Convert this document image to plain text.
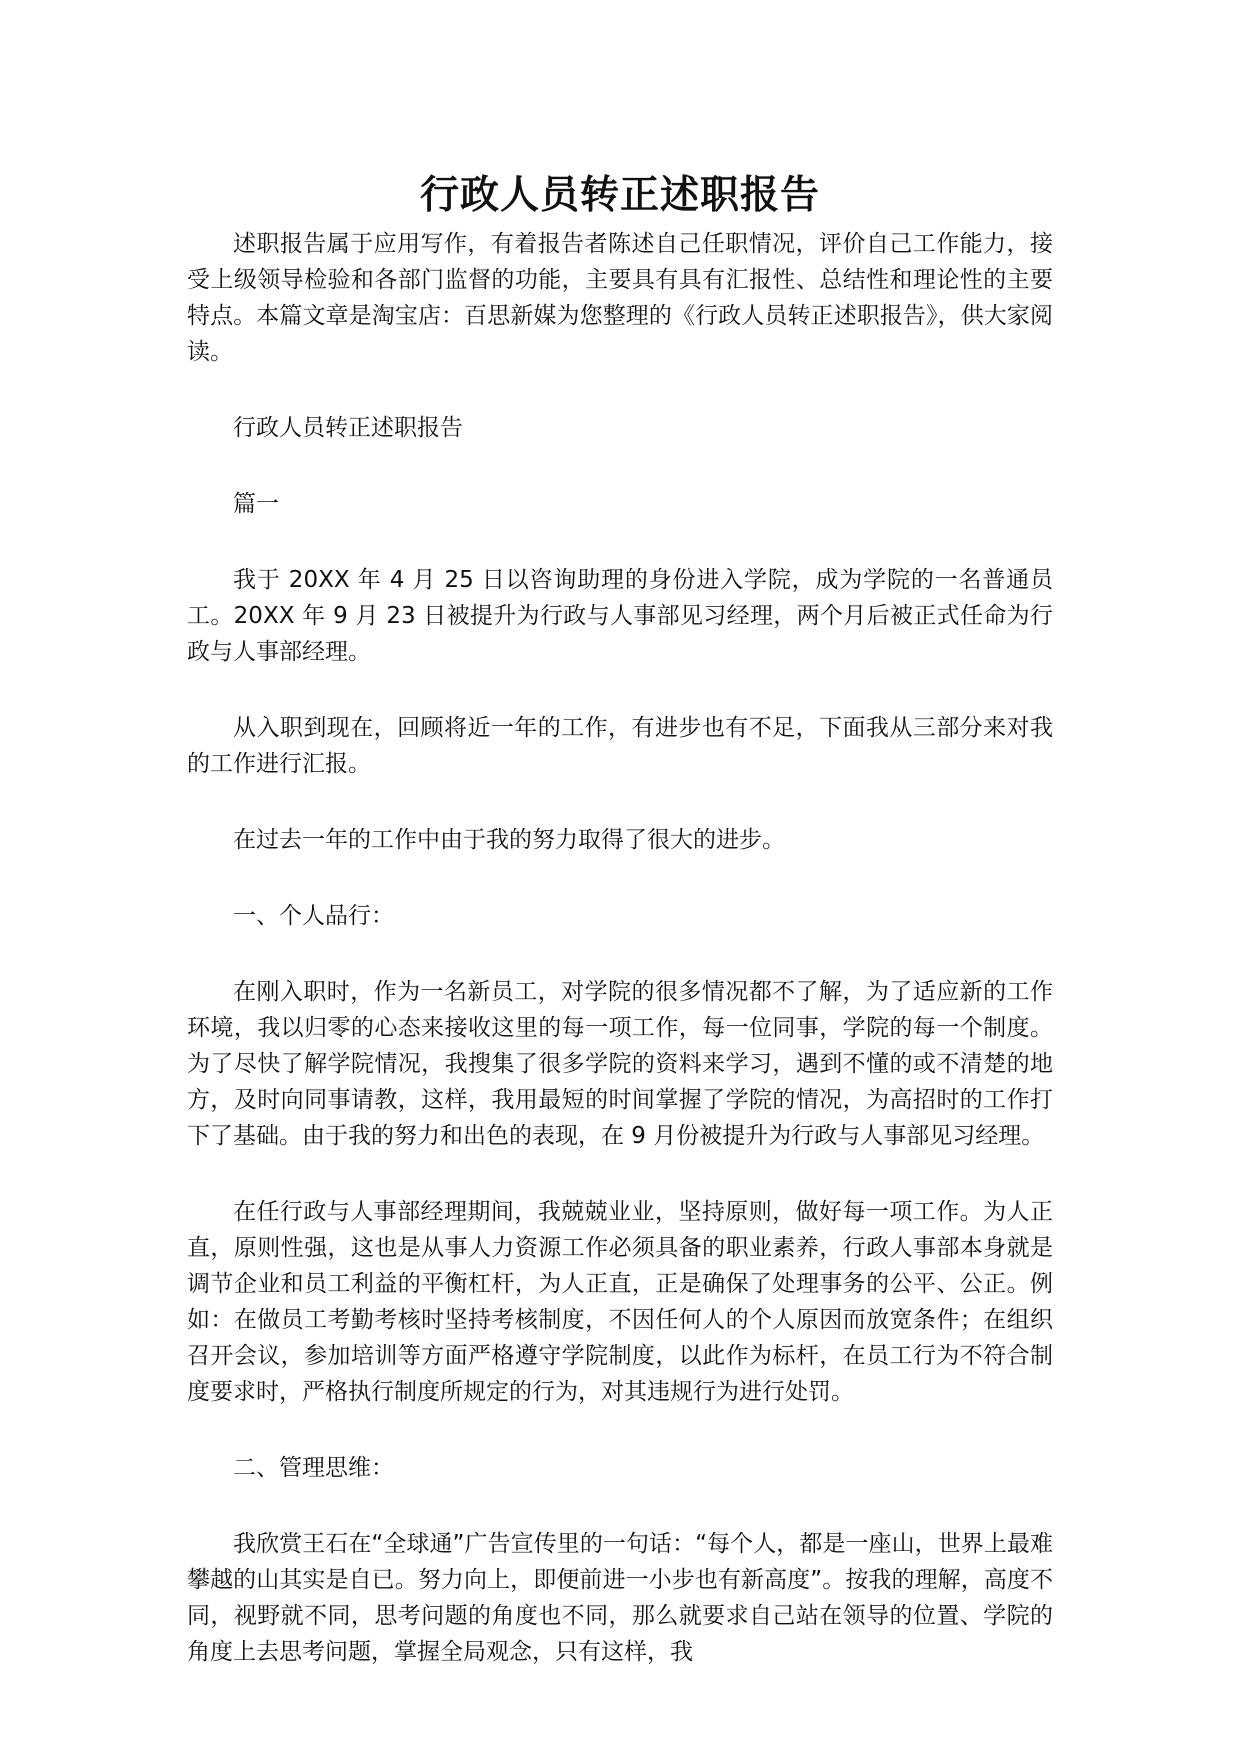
行政人员转正述职报告

述职报告属于应用写作，有着报告者陈述自己任职情况，评价自己工作能力，接受上级领导检验和各部门监督的功能，主要具有具有汇报性、总结性和理论性的主要特点。本篇文章是淘宝店：百思新媒为您整理的《行政人员转正述职报告》，供大家阅读。

行政人员转正述职报告

篇一

我于 20XX 年 4 月 25 日以咨询助理的身份进入学院，成为学院的一名普通员工。20XX 年 9 月 23 日被提升为行政与人事部见习经理，两个月后被正式任命为行政与人事部经理。

从入职到现在，回顾将近一年的工作，有进步也有不足，下面我从三部分来对我的工作进行汇报。

在过去一年的工作中由于我的努力取得了很大的进步。

一、个人品行：

在刚入职时，作为一名新员工，对学院的很多情况都不了解，为了适应新的工作环境，我以归零的心态来接收这里的每一项工作，每一位同事，学院的每一个制度。为了尽快了解学院情况，我搜集了很多学院的资料来学习，遇到不懂的或不清楚的地方，及时向同事请教，这样，我用最短的时间掌握了学院的情况，为高招时的工作打下了基础。由于我的努力和出色的表现，在 9 月份被提升为行政与人事部见习经理。

在任行政与人事部经理期间，我兢兢业业，坚持原则，做好每一项工作。为人正直，原则性强，这也是从事人力资源工作必须具备的职业素养，行政人事部本身就是调节企业和员工利益的平衡杠杆，为人正直，正是确保了处理事务的公平、公正。例如：在做员工考勤考核时坚持考核制度，不因任何人的个人原因而放宽条件；在组织召开会议，参加培训等方面严格遵守学院制度，以此作为标杆，在员工行为不符合制度要求时，严格执行制度所规定的行为，对其违规行为进行处罚。

二、管理思维：

我欣赏王石在“全球通”广告宣传里的一句话：“每个人，都是一座山，世界上最难攀越的山其实是自已。努力向上，即便前进一小步也有新高度”。按我的理解，高度不同，视野就不同，思考问题的角度也不同，那么就要求自己站在领导的位置、学院的角度上去思考问题，掌握全局观念，只有这样，我
